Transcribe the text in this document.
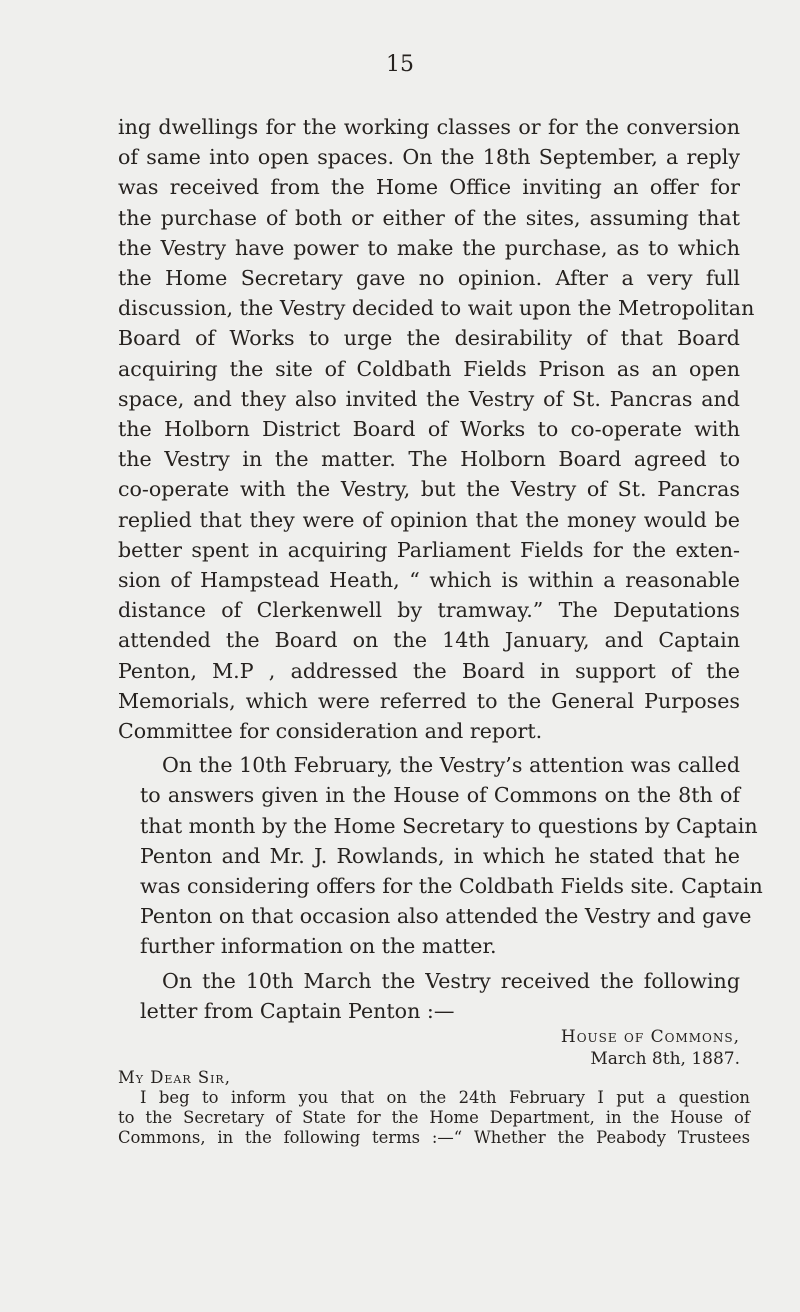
15

ing dwellings for the working classes or for the conversion
of same into open spaces. On the 18th September, a reply
was received from the Home Office inviting an offer for
the purchase of both or either of the sites, assuming that
the Vestry have power to make the purchase, as to which
the Home Secretary gave no opinion. After a very full
discussion, the Vestry decided to wait upon the Metropolitan
Board of Works to urge the desirability of that Board
acquiring the site of Coldbath Fields Prison as an open
space, and they also invited the Vestry of St. Pancras and
the Holborn District Board of Works to co-operate with
the Vestry in the matter. The Holborn Board agreed to
co-operate with the Vestry, but the Vestry of St. Pancras
replied that they were of opinion that the money would be
better spent in acquiring Parliament Fields for the exten-
sion of Hampstead Heath, “ which is within a reasonable
distance of Clerkenwell by tramway.” The Deputations
attended the Board on the 14th January, and Captain
Penton, M.P , addressed the Board in support of the
Memorials, which were referred to the General Purposes
Committee for consideration and report.

On the 10th February, the Vestry’s attention was called
to answers given in the House of Commons on the 8th of
that month by the Home Secretary to questions by Captain
Penton and Mr. J. Rowlands, in which he stated that he
was considering offers for the Coldbath Fields site. Captain
Penton on that occasion also attended the Vestry and gave
further information on the matter.

On the 10th March the Vestry received the following
letter from Captain Penton :—

House of Commons,
March 8th, 1887.
My Dear Sir,
I beg to inform you that on the 24th February I put a question
to the Secretary of State for the Home Department, in the House of
Commons, in the following terms :—“ Whether the Peabody Trustees
